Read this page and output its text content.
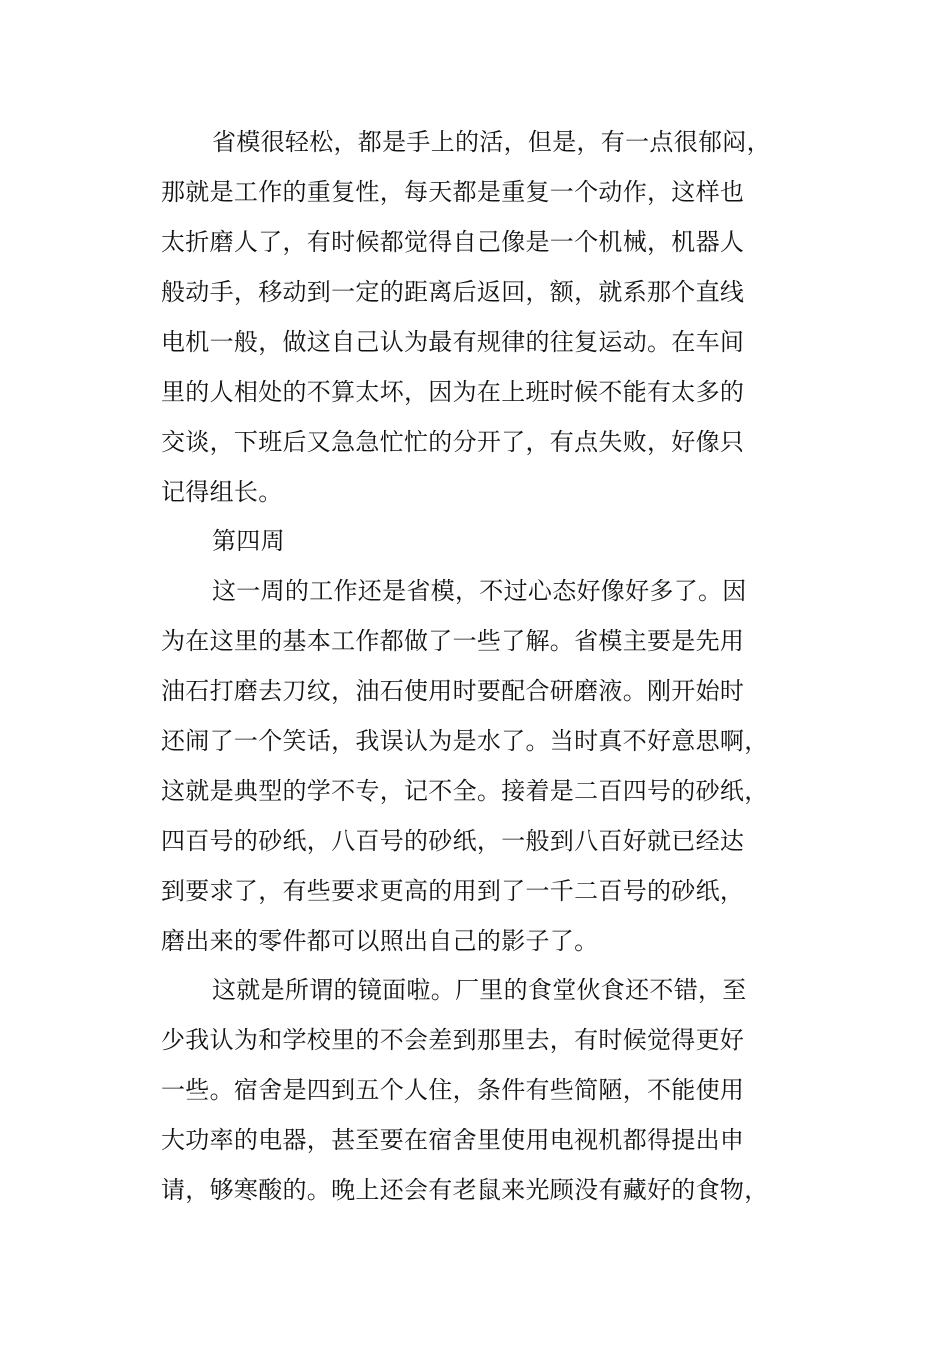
省模很轻松，都是手上的活，但是，有一点很郁闷，
那就是工作的重复性，每天都是重复一个动作，这样也
太折磨人了，有时候都觉得自己像是一个机械，机器人
般动手，移动到一定的距离后返回，额，就系那个直线
电机一般，做这自己认为最有规律的往复运动。在车间
里的人相处的不算太坏，因为在上班时候不能有太多的
交谈，下班后又急急忙忙的分开了，有点失败，好像只
记得组长。
第四周
这一周的工作还是省模，不过心态好像好多了。因
为在这里的基本工作都做了一些了解。省模主要是先用
油石打磨去刀纹，油石使用时要配合研磨液。刚开始时
还闹了一个笑话，我误认为是水了。当时真不好意思啊，
这就是典型的学不专，记不全。接着是二百四号的砂纸，
四百号的砂纸，八百号的砂纸，一般到八百好就已经达
到要求了，有些要求更高的用到了一千二百号的砂纸，
磨出来的零件都可以照出自己的影子了。
这就是所谓的镜面啦。厂里的食堂伙食还不错，至
少我认为和学校里的不会差到那里去，有时候觉得更好
一些。宿舍是四到五个人住，条件有些简陋，不能使用
大功率的电器，甚至要在宿舍里使用电视机都得提出申
请，够寒酸的。晚上还会有老鼠来光顾没有藏好的食物，
